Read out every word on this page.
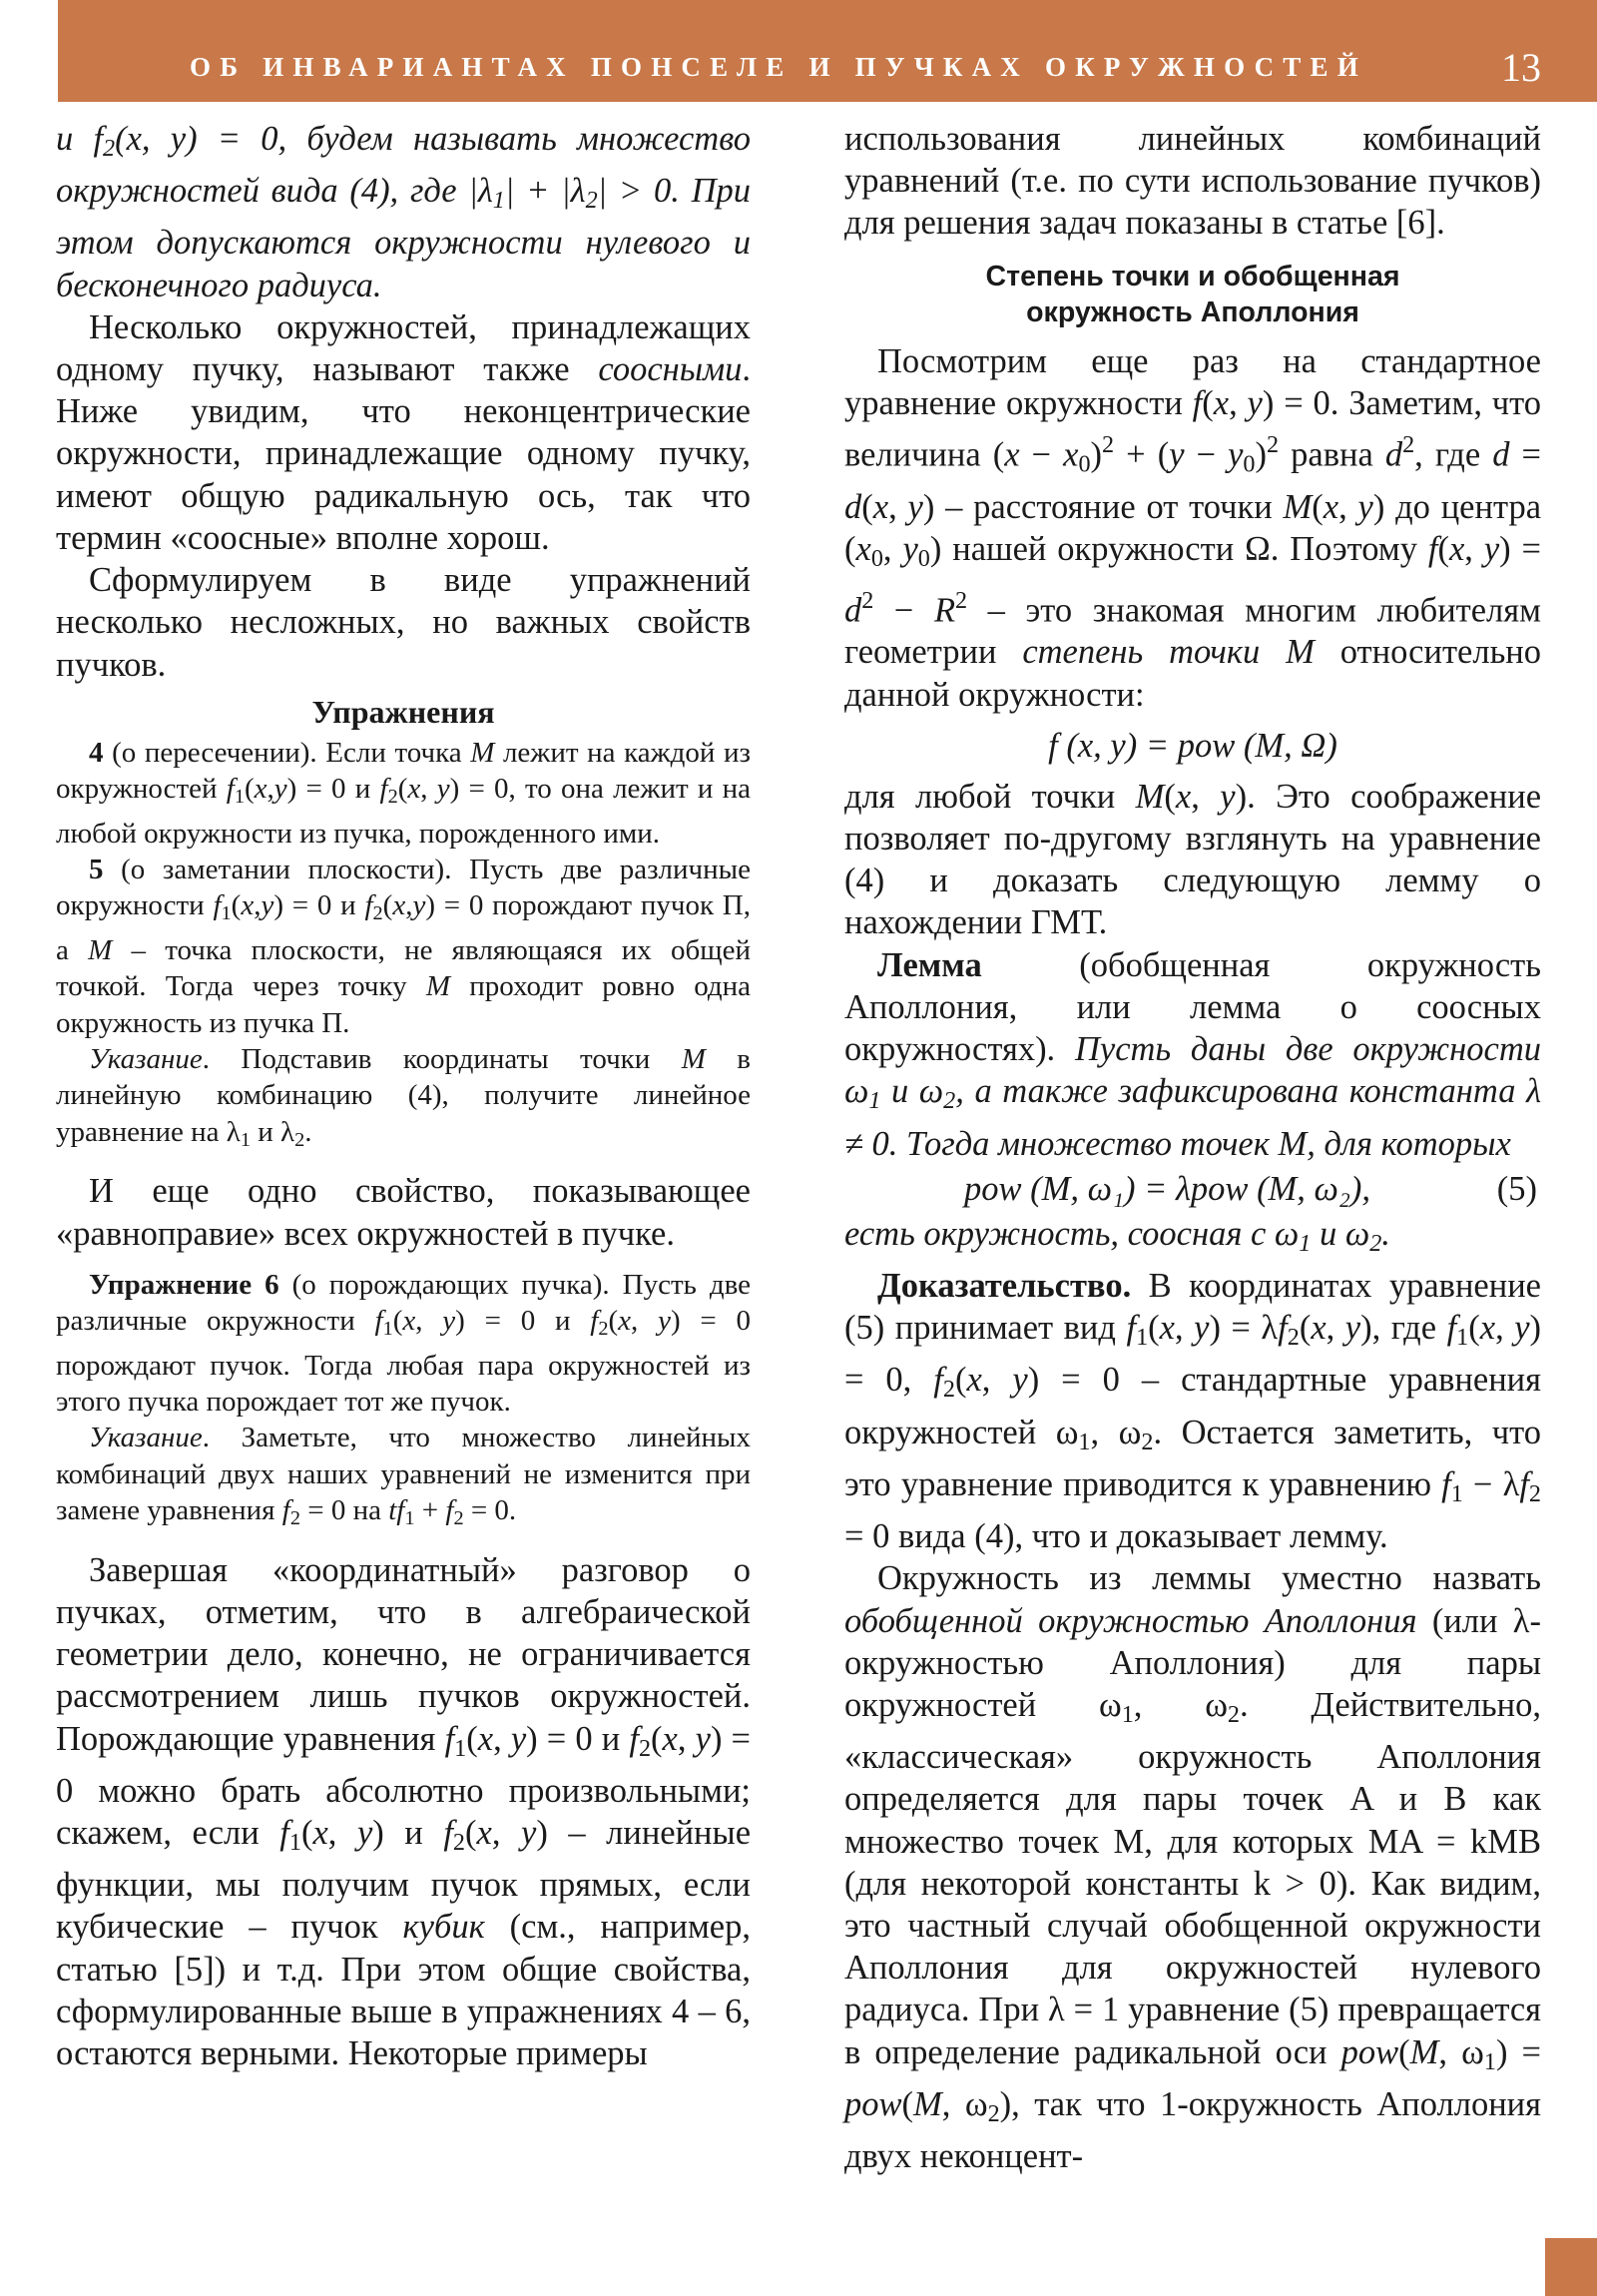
ОБ ИНВАРИАНТАХ ПОНСЕЛЕ И ПУЧКАХ ОКРУЖНОСТЕЙ	13

и $f_2(x$, y) = 0, будем называть множество окружностей вида (4), где $|\lambda_1| + |\lambda_2| > 0$. При этом допускаются окружности нулевого и бесконечного радиуса.

Несколько окружностей, принадлежащих одному пучку, называют также соосными. Ниже увидим, что неконцентрические окружности, принадлежащие одному пучку, имеют общую радикальную ось, так что термин «соосные» вполне хорош.

Сформулируем в виде упражнений несколько несложных, но важных свойств пучков.

Упражнения

4 (о пересечении). Если точка M лежит на каждой из окружностей $f_1(x,y) = 0$ и $f_2(x$, y) = 0, то она лежит и на любой окружности из пучка, порожденного ими.

5 (о заметании плоскости). Пусть две различные окружности $f_1(x,y) = 0$ и $f_2(x,y) = 0$ порождают пучок П, а M – точка плоскости, не являющаяся их общей точкой. Тогда через точку M проходит ровно одна окружность из пучка П.

Указание. Подставив координаты точки M в линейную комбинацию (4), получите линейное уравнение на $\lambda_1$ и $\lambda_2$.

И еще одно свойство, показывающее «равноправие» всех окружностей в пучке.

Упражнение 6 (о порождающих пучка). Пусть две различные окружности $f_1(x$, y) = 0 и $f_2(x$, y) = 0 порождают пучок. Тогда любая пара окружностей из этого пучка порождает тот же пучок.

Указание. Заметьте, что множество линейных комбинаций двух наших уравнений не изменится при замене уравнения $f_2 = 0$ на $tf_1 + f_2 = 0$.

Завершая «координатный» разговор о пучках, отметим, что в алгебраической геометрии дело, конечно, не ограничивается рассмотрением лишь пучков окружностей. Порождающие уравнения $f_1(x$, y) = 0 и $f_2(x$, y) = 0 можно брать абсолютно произвольными; скажем, если $f_1(x$, y) и $f_2(x$, y) – линейные функции, мы получим пучок прямых, если кубические – пучок кубик (см., например, статью [5]) и т.д. При этом общие свойства, сформулированные выше в упражнениях 4 – 6, остаются верными. Некоторые примеры

использования линейных комбинаций уравнений (т.е. по сути использование пучков) для решения задач показаны в статье [6].

Степень точки и обобщенная
окружность Аполлония

Посмотрим еще раз на стандартное уравнение окружности f(x, y) = 0. Заметим, что величина $(x - x_0)^2 + (y - y_0)^2$ равна $d^2$, где d = d(x, y) – расстояние от точки M(x, y) до центра ($x_0$, $y_0$) нашей окружности Ω. Поэтому f(x, $y) = d^2 - R^2$ – это знакомая многим любителям геометрии степень точки M относительно данной окружности:

f (x, y) = pow (M, Ω)

для любой точки M(x, y). Это соображение позволяет по-другому взглянуть на уравнение (4) и доказать следующую лемму о нахождении ГМТ.

Лемма (обобщенная окружность Аполлония, или лемма о соосных окружностях). Пусть даны две окружности $\omega_1$ и $\omega_2$, а также зафиксирована константа λ ≠ 0. Тогда множество точек M, для которых

pow (M, ω₁) = λpow (M, ω₂),	(5)

есть окружность, соосная с $\omega_1$ и $\omega_2$.

Доказательство. В координатах уравнение (5) принимает вид $f_1(x$, $y) = \lambda f_2(x$, y), где $f_1(x$, y) = 0, $f_2(x$, y) = 0 – стандартные уравнения окружностей $\omega_1$, $\omega_2$. Остается заметить, что это уравнение приводится к уравнению $f_1 - \lambda f_2 = 0$ вида (4), что и доказывает лемму.

Окружность из леммы уместно назвать обобщенной окружностью Аполлония (или λ-окружностью Аполлония) для пары окружностей $\omega_1$, $\omega_2$. Действительно, «классическая» окружность Аполлония определяется для пары точек A и B как множество точек M, для которых MA = kMB (для некоторой константы k > 0). Как видим, это частный случай обобщенной окружности Аполлония для окружностей нулевого радиуса. При λ = 1 уравнение (5) превращается в определение радикальной оси pow(M, $\omega_1) = pow(M$, $\omega_2$), так что 1-окружность Аполлония двух неконцент-
